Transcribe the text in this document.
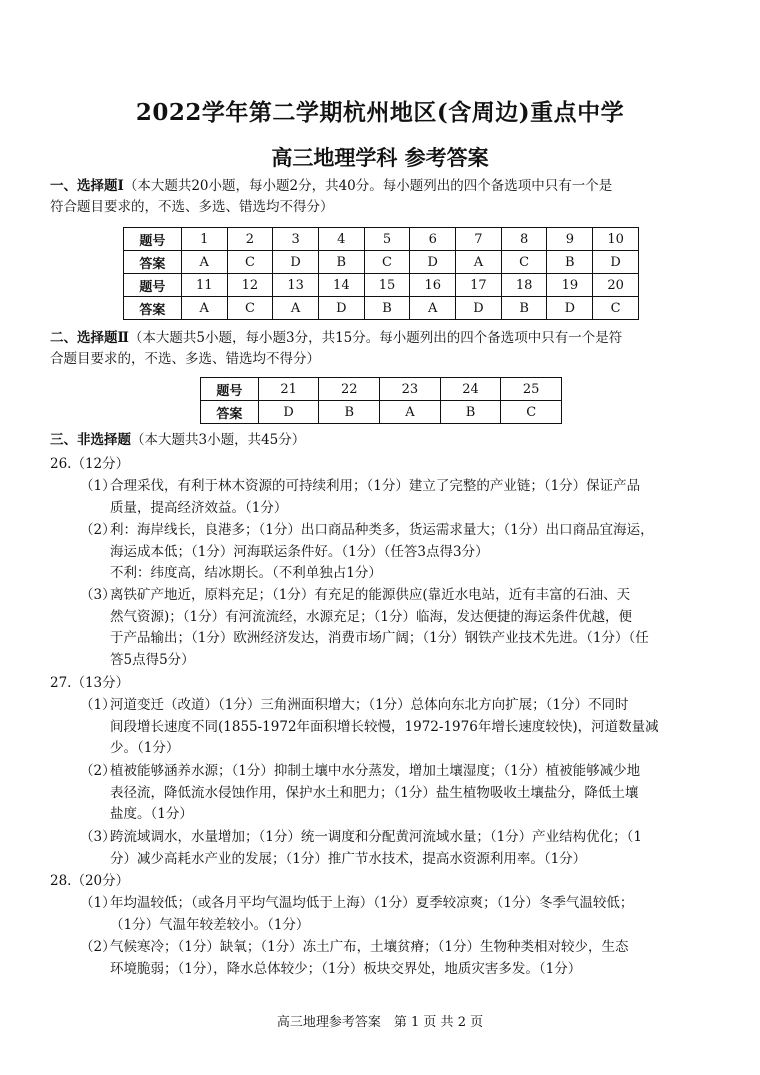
2022学年第二学期杭州地区(含周边)重点中学
高三地理学科 参考答案
一、选择题Ⅰ（本大题共20小题，每小题2分，共40分。每小题列出的四个备选项中只有一个是
符合题目要求的，不选、多选、错选均不得分）
题号	1	2	3	4	5	6	7	8	9	10
答案	A	C	D	B	C	D	A	C	B	D
题号	11	12	13	14	15	16	17	18	19	20
答案	A	C	A	D	B	A	D	B	D	C
二、选择题Ⅱ（本大题共5小题，每小题3分，共15分。每小题列出的四个备选项中只有一个是符
合题目要求的，不选、多选、错选均不得分）
题号	21	22	23	24	25
答案	D	B	A	B	C
三、非选择题（本大题共3小题，共45分）
26.（12分）
（1）
合理采伐，有利于林木资源的可持续利用；（1分）建立了完整的产业链；（1分）保证产品
质量，提高经济效益。（1分）
（2）
利：海岸线长，良港多；（1分）出口商品种类多，货运需求量大；（1分）出口商品宜海运，
海运成本低；（1分）河海联运条件好。（1分）（任答3点得3分）
不利：纬度高，结冰期长。（不利单独占1分）
（3）
离铁矿产地近，原料充足；（1分）有充足的能源供应(靠近水电站，近有丰富的石油、天
然气资源)；（1分）有河流流经，水源充足；（1分）临海，发达便捷的海运条件优越，便
于产品输出；（1分）欧洲经济发达，消费市场广阔；（1分）钢铁产业技术先进。（1分）（任
答5点得5分）
27.（13分）
（1）
河道变迁（改道）（1分）三角洲面积增大；（1分）总体向东北方向扩展；（1分）不同时
间段增长速度不同(1855-1972年面积增长较慢，1972-1976年增长速度较快)，河道数量减
少。（1分）
（2）
植被能够涵养水源；（1分）抑制土壤中水分蒸发，增加土壤湿度；（1分）植被能够减少地
表径流，降低流水侵蚀作用，保护水土和肥力；（1分）盐生植物吸收土壤盐分，降低土壤
盐度。（1分）
（3）
跨流域调水，水量增加；（1分）统一调度和分配黄河流域水量；（1分）产业结构优化；（1
分）减少高耗水产业的发展；（1分）推广节水技术，提高水资源利用率。（1分）
28.（20分）
（1）
年均温较低；（或各月平均气温均低于上海）（1分）夏季较凉爽；（1分）冬季气温较低；
（1分）气温年较差较小。（1分）
（2）
气候寒冷；（1分）缺氧；（1分）冻土广布，土壤贫瘠；（1分）生物种类相对较少，生态
环境脆弱；（1分），降水总体较少；（1分）板块交界处，地质灾害多发。（1分）
高三地理参考答案　第 1 页 共 2 页
